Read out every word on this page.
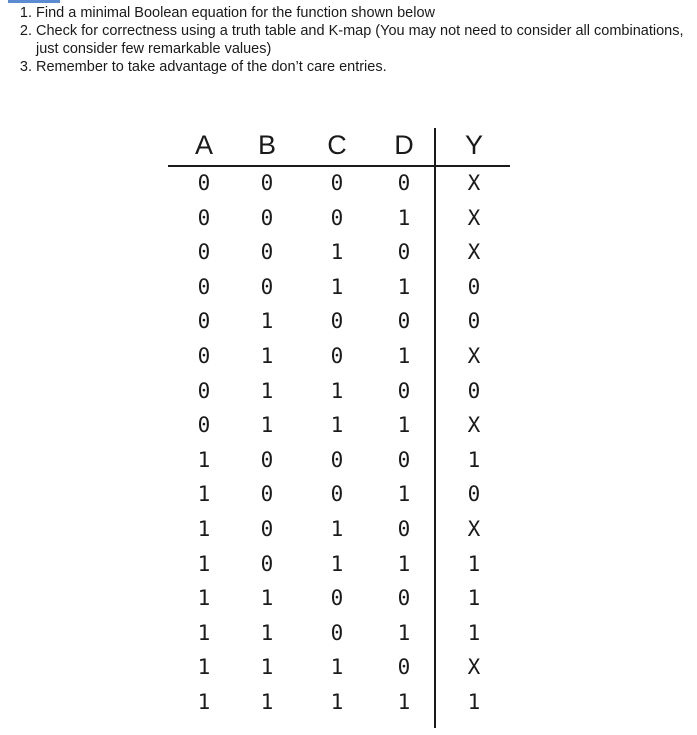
1. Find a minimal Boolean equation for the function shown below
2. Check for correctness using a truth table and K-map (You may not need to consider all combinations, just consider few remarkable values)
3. Remember to take advantage of the don’t care entries.
A	B	C	D	Y
0	0	0	0	X
0	0	0	1	X
0	0	1	0	X
0	0	1	1	0
0	1	0	0	0
0	1	0	1	X
0	1	1	0	0
0	1	1	1	X
1	0	0	0	1
1	0	0	1	0
1	0	1	0	X
1	0	1	1	1
1	1	0	0	1
1	1	0	1	1
1	1	1	0	X
1	1	1	1	1
